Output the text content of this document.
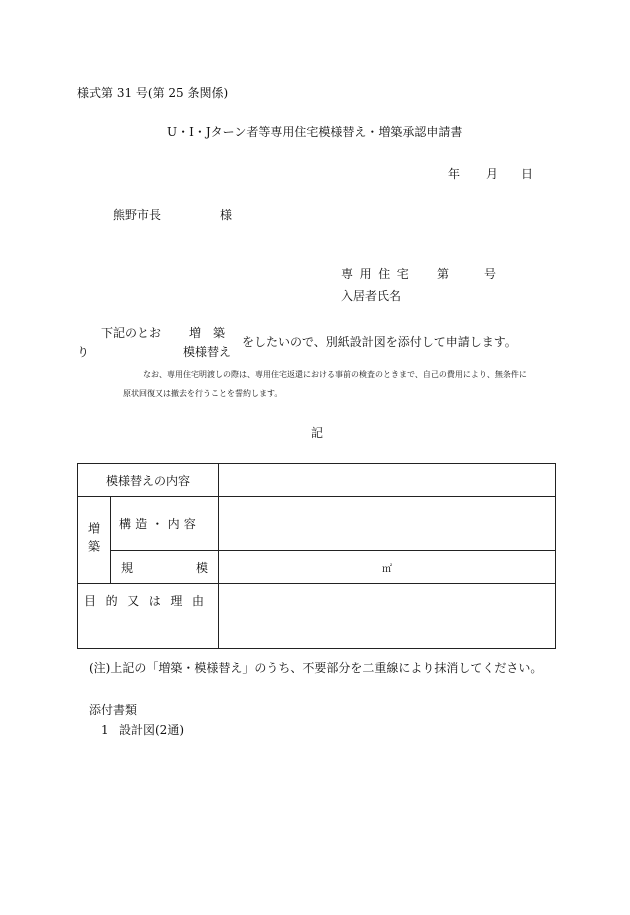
様式第 31 号(第 25 条関係)
U・I・Jターン者等専用住宅模様替え・増築承認申請書
年 月 日
熊野市長	様
専用住宅 第	号
入居者氏名
下記のとお
り
増　築
模様替え
をしたいので、別紙設計図を添付して申請します。
なお、専用住宅明渡しの際は、専用住宅返還における事前の検査のときまで、自己の費用により、無条件に
原状回復又は撤去を行うことを誓約します。
記
模様替えの内容		

増築	構造・内容	

	規 模	㎡
目的又は理由		
(注)上記の「増築・模様替え」のうち、不要部分を二重線により抹消してください。
添付書類
1 設計図(2通)
